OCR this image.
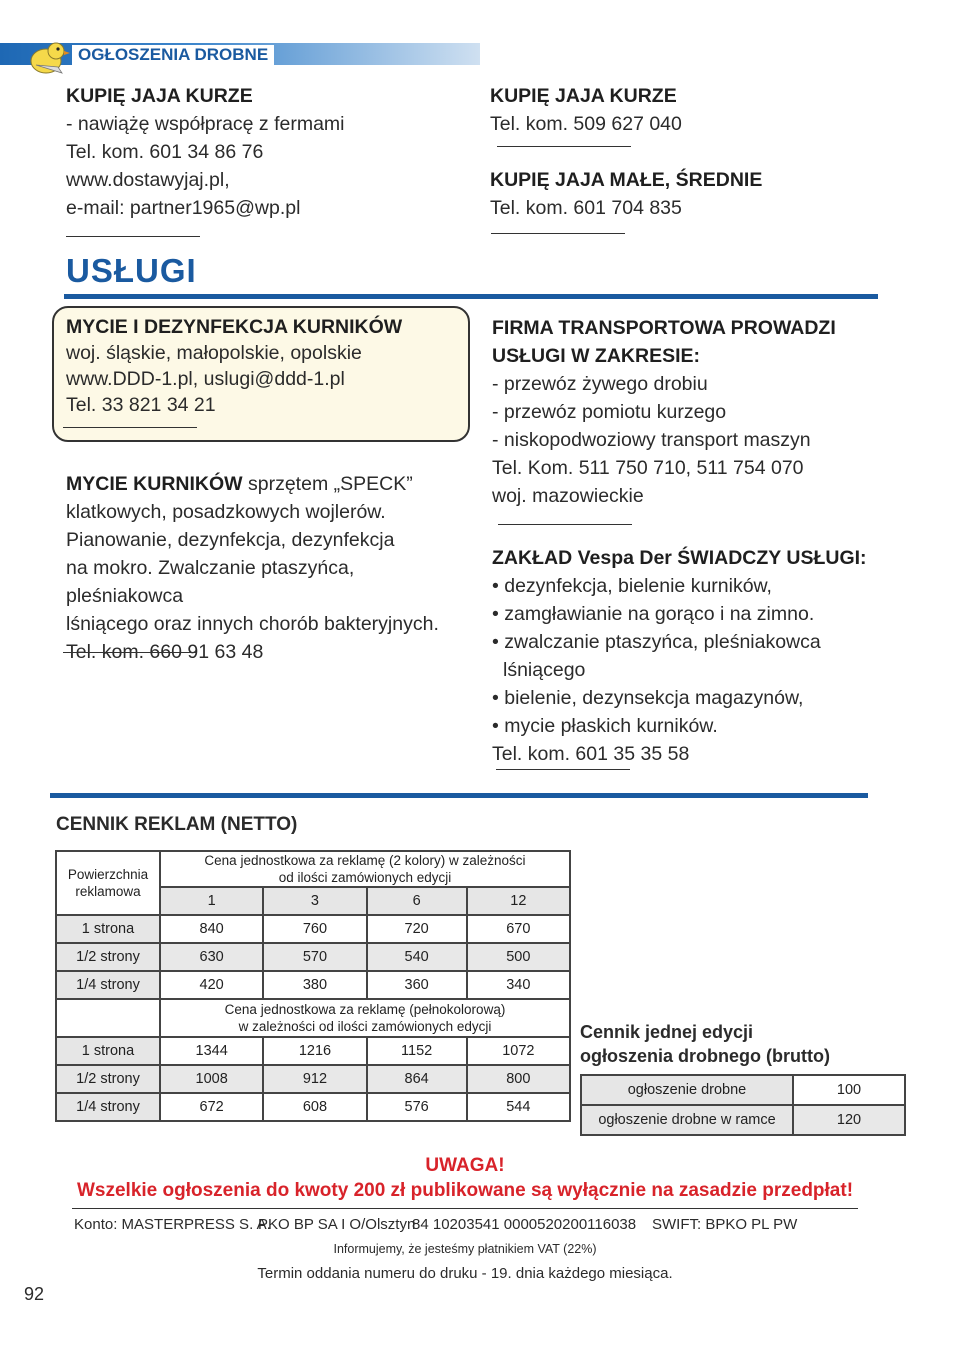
OGŁOSZENIA DROBNE
KUPIĘ JAJA KURZE
- nawiążę współpracę z fermami
Tel. kom. 601 34 86 76
www.dostawyjaj.pl,
e-mail: partner1965@wp.pl
KUPIĘ JAJA KURZE
Tel. kom. 509 627 040
KUPIĘ JAJA MAŁE, ŚREDNIE
Tel. kom. 601 704 835
USŁUGI
MYCIE I DEZYNFEKCJA KURNIKÓW
woj. śląskie, małopolskie, opolskie
www.DDD-1.pl, uslugi@ddd-1.pl
Tel. 33 821 34 21
MYCIE KURNIKÓW sprzętem „SPECK”
klatkowych, posadzkowych wojlerów.
Pianowanie, dezynfekcja, dezynfekcja
na mokro. Zwalczanie ptaszyńca, pleśniakowca
lśniącego oraz innych chorób bakteryjnych.
Tel. kom. 660 91 63 48
FIRMA TRANSPORTOWA PROWADZI
USŁUGI W ZAKRESIE:
- przewóz żywego drobiu
- przewóz pomiotu kurzego
- niskopodwoziowy transport maszyn
Tel. Kom. 511 750 710, 511 754 070
woj. mazowieckie
ZAKŁAD Vespa Der ŚWIADCZY USŁUGI:
• dezynfekcja, bielenie kurników,
• zamgławianie na gorąco i na zimno.
• zwalczanie ptaszyńca, pleśniakowca
lśniącego
• bielenie, dezynsekcja magazynów,
• mycie płaskich kurników.
Tel. kom. 601 35 35 58
CENNIK REKLAM (NETTO)
Powierzchnia reklamowa	Cena jednostkowa za reklamę (2 kolory) w zależności
od ilości zamówionych edycji			

	1	3	6	12
1 strona	840	760	720	670
1/2 strony	630	570	540	500
1/4 strony	420	380	360	340

	Cena jednostkowa za reklamę (pełnokolorową)
w zależności od ilości zamówionych edycji			

1 strona	1344	1216	1152	1072
1/2 strony	1008	912	864	800
1/4 strony	672	608	576	544
Cennik jednej edycji
ogłoszenia drobnego (brutto)
ogłoszenie drobne	100
ogłoszenie drobne w ramce	120
UWAGA!
Wszelkie ogłoszenia do kwoty 200 zł publikowane są wyłącznie na zasadzie przedpłat!
Konto: MASTERPRESS S. A.
PKO BP SA I O/Olsztyn
84 10203541 0000520200116038 SWIFT: BPKO PL PW
Informujemy, że jesteśmy płatnikiem VAT (22%)
Termin oddania numeru do druku - 19. dnia każdego miesiąca.
92
